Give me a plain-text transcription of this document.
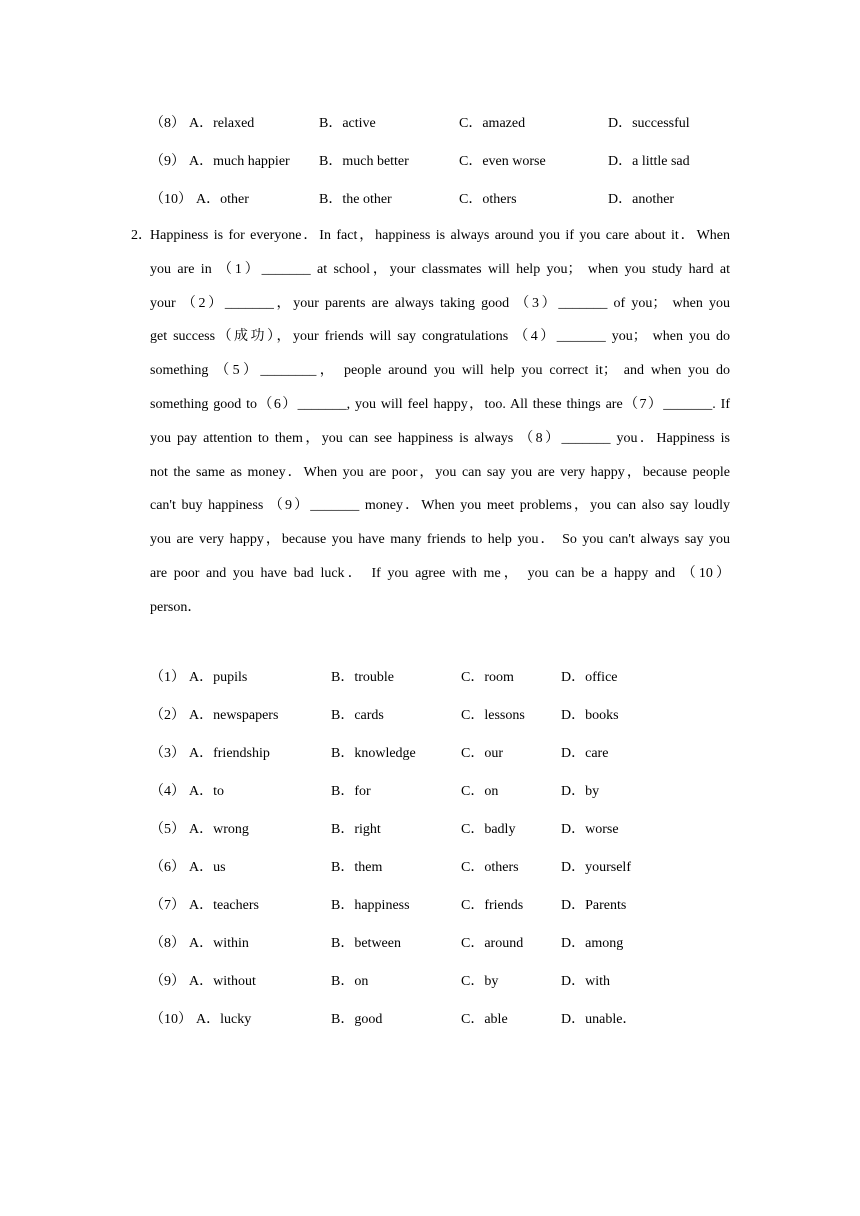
（8） A．relaxed	B．active	C．amazed	D．successful
（9） A．much happier B．much better	C．even worse	D．a little sad
（10） A．other	B．the other	C．others	D．another
2．
Happiness is for everyone．In fact，happiness is always around you if you care about it．When
you are in （1）_______ at school，your classmates will help you； when you study hard at
your （2）_______，your parents are always taking good （3）_______ of you； when you
get success（成功），your friends will say congratulations （4）_______ you； when you do
something （5）________， people around you will help you correct it； and when you do
something good to（6）_______, you will feel happy，too. All these things are（7）_______. If
you pay attention to them，you can see happiness is always （8）_______ you．Happiness is
not the same as money．When you are poor，you can say you are very happy，because people
can't buy happiness （9）_______ money．When you meet problems，you can also say loudly
you are very happy，because you have many friends to help you． So you can't always say you
are poor and you have bad luck． If you agree with me， you can be a happy and （10）
person．
（1） A．pupils	B．trouble	C．room	D．office
（2） A．newspapers	B．cards	C．lessons	D．books
（3） A．friendship	B．knowledge	C．our	D．care
（4） A．to	B．for	C．on	D．by
（5） A．wrong	B．right	C．badly	D．worse
（6） A．us	B．them	C．others	D．yourself
（7） A．teachers	B．happiness	C．friends	D．Parents
（8） A．within	B．between	C．around	D．among
（9） A．without	B．on	C．by	D．with
（10） A．lucky	B．good	C．able	D．unable．
